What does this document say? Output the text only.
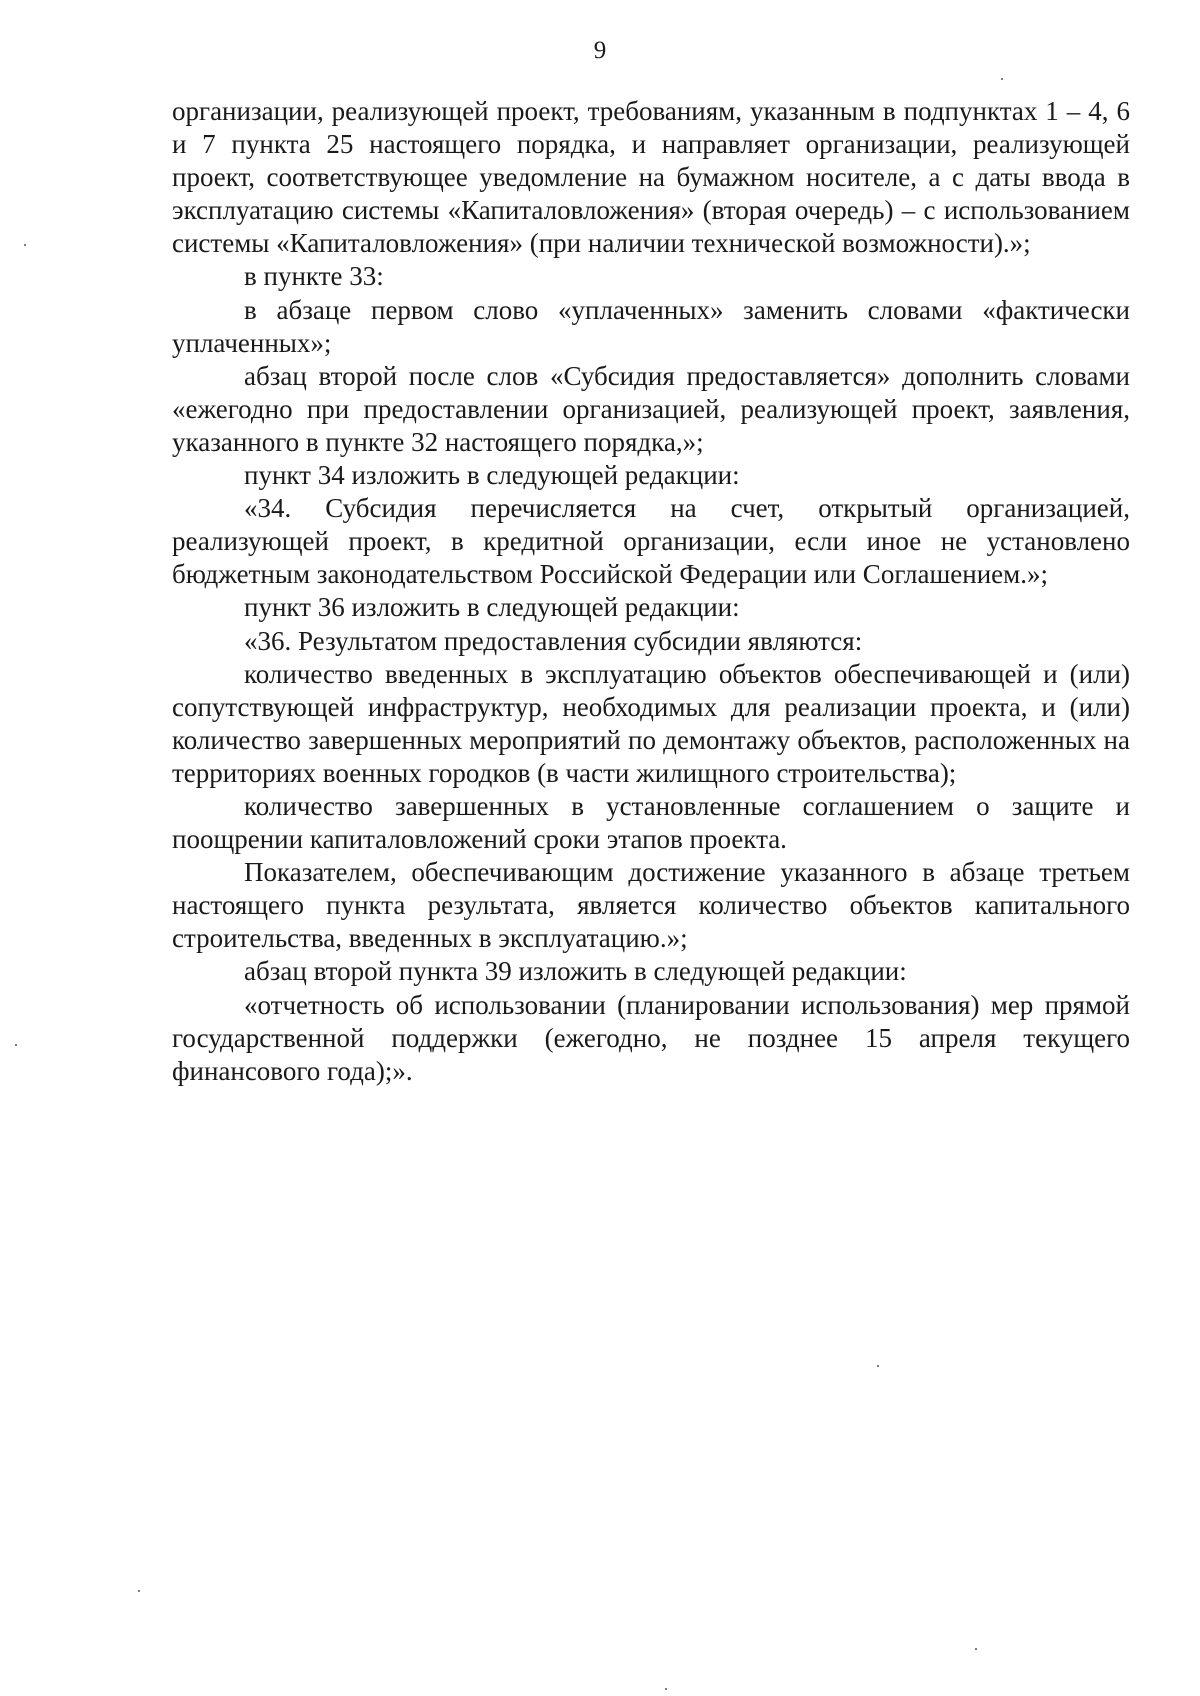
9

организации, реализующей проект, требованиям, указанным в подпунктах 1 – 4, 6 и 7 пункта 25 настоящего порядка, и направляет организации, реализующей проект, соответствующее уведомление на бумажном носителе, а с даты ввода в эксплуатацию системы «Капиталовложения» (вторая очередь) – с использованием системы «Капиталовложения» (при наличии технической возможности).»;

в пункте 33:

в абзаце первом слово «уплаченных» заменить словами «фактически уплаченных»;

абзац второй после слов «Субсидия предоставляется» дополнить словами «ежегодно при предоставлении организацией, реализующей проект, заявления, указанного в пункте 32 настоящего порядка,»;

пункт 34 изложить в следующей редакции:

«34. Субсидия перечисляется на счет, открытый организацией, реализующей проект, в кредитной организации, если иное не установлено бюджетным законодательством Российской Федерации или Соглашением.»;

пункт 36 изложить в следующей редакции:

«36. Результатом предоставления субсидии являются:

количество введенных в эксплуатацию объектов обеспечивающей и (или) сопутствующей инфраструктур, необходимых для реализации проекта, и (или) количество завершенных мероприятий по демонтажу объектов, расположенных на территориях военных городков (в части жилищного строительства);

количество завершенных в установленные соглашением о защите и поощрении капиталовложений сроки этапов проекта.

Показателем, обеспечивающим достижение указанного в абзаце третьем настоящего пункта результата, является количество объектов капитального строительства, введенных в эксплуатацию.»;

абзац второй пункта 39 изложить в следующей редакции:

«отчетность об использовании (планировании использования) мер прямой государственной поддержки (ежегодно, не позднее 15 апреля текущего финансового года);».
